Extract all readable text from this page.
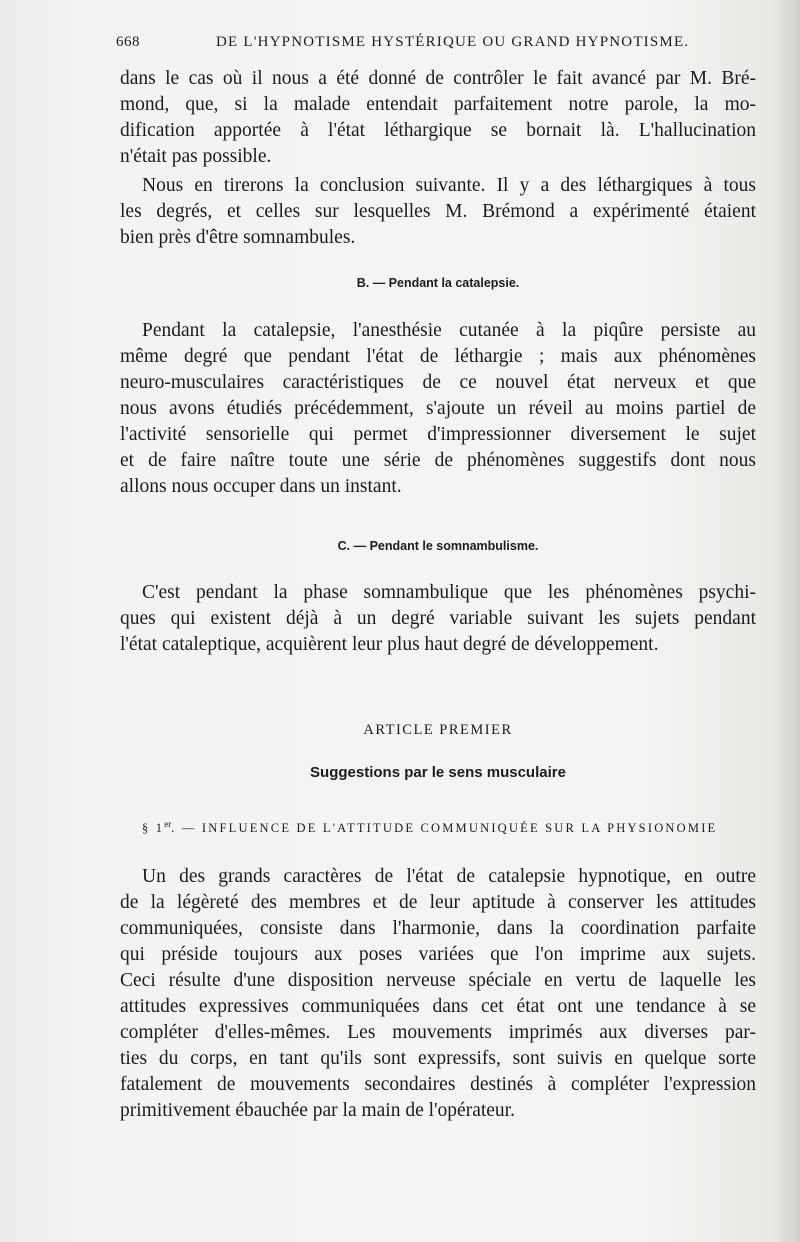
668	DE L'HYPNOTISME HYSTÉRIQUE OU GRAND HYPNOTISME.
dans le cas où il nous a été donné de contrôler le fait avancé par M. Bré-
mond, que, si la malade entendait parfaitement notre parole, la mo-
dification apportée à l'état léthargique se bornait là. L'hallucination
n'était pas possible.
Nous en tirerons la conclusion suivante. Il y a des léthargiques à tous
les degrés, et celles sur lesquelles M. Brémond a expérimenté étaient
bien près d'être somnambules.
B. — Pendant la catalepsie.
Pendant la catalepsie, l'anesthésie cutanée à la piqûre persiste au
même degré que pendant l'état de léthargie ; mais aux phénomènes
neuro-musculaires caractéristiques de ce nouvel état nerveux et que
nous avons étudiés précédemment, s'ajoute un réveil au moins partiel de
l'activité sensorielle qui permet d'impressionner diversement le sujet
et de faire naître toute une série de phénomènes suggestifs dont nous
allons nous occuper dans un instant.
C. — Pendant le somnambulisme.
C'est pendant la phase somnambulique que les phénomènes psychi-
ques qui existent déjà à un degré variable suivant les sujets pendant
l'état cataleptique, acquièrent leur plus haut degré de développement.
ARTICLE PREMIER
Suggestions par le sens musculaire
§ 1er. — INFLUENCE DE L'ATTITUDE COMMUNIQUÉE SUR LA PHYSIONOMIE
Un des grands caractères de l'état de catalepsie hypnotique, en outre
de la légèreté des membres et de leur aptitude à conserver les attitudes
communiquées, consiste dans l'harmonie, dans la coordination parfaite
qui préside toujours aux poses variées que l'on imprime aux sujets.
Ceci résulte d'une disposition nerveuse spéciale en vertu de laquelle les
attitudes expressives communiquées dans cet état ont une tendance à se
compléter d'elles-mêmes. Les mouvements imprimés aux diverses par-
ties du corps, en tant qu'ils sont expressifs, sont suivis en quelque sorte
fatalement de mouvements secondaires destinés à compléter l'expression
primitivement ébauchée par la main de l'opérateur.
